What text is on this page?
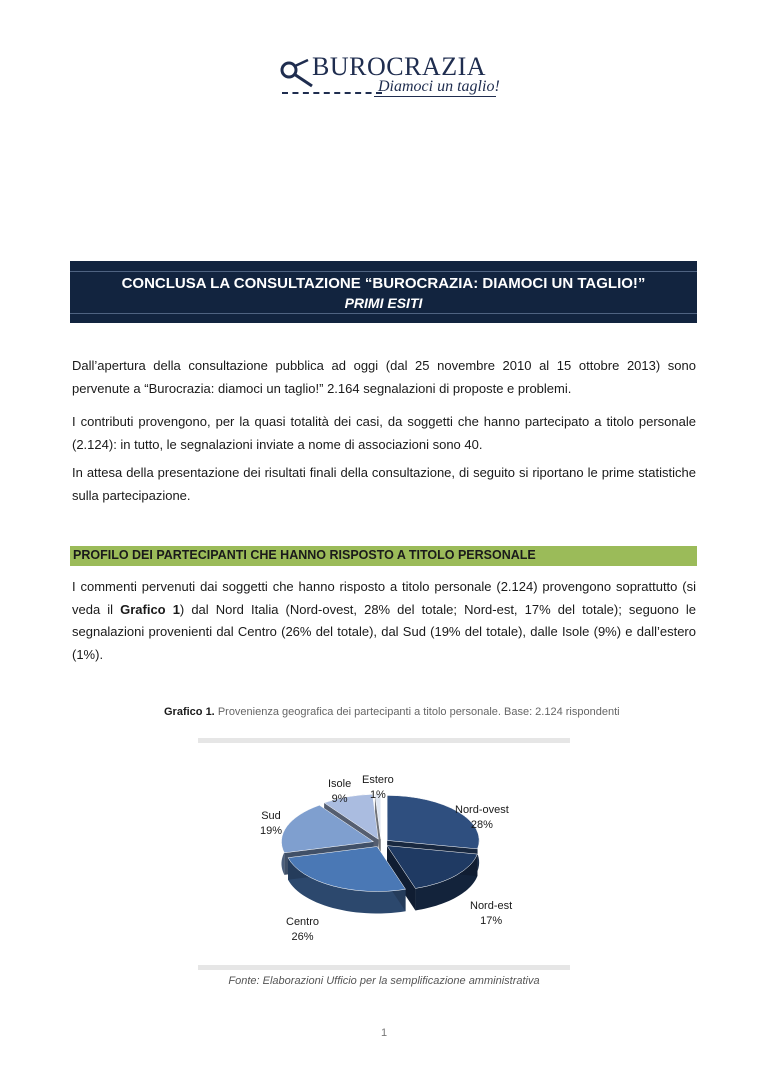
BUROCRAZIA
Diamoci un taglio!
CONCLUSA LA CONSULTAZIONE “BUROCRAZIA: DIAMOCI UN TAGLIO!”
PRIMI ESITI
Dall’apertura della consultazione pubblica ad oggi (dal 25 novembre 2010 al 15 ottobre 2013) sono pervenute a “Burocrazia: diamoci un taglio!” 2.164 segnalazioni di proposte e problemi.
I contributi provengono, per la quasi totalità dei casi, da soggetti che hanno partecipato a titolo personale (2.124): in tutto, le segnalazioni inviate a nome di associazioni sono 40.
In attesa della presentazione dei risultati finali della consultazione, di seguito si riportano le prime statistiche sulla partecipazione.
PROFILO DEI PARTECIPANTI CHE HANNO RISPOSTO A TITOLO PERSONALE
I commenti pervenuti dai soggetti che hanno risposto a titolo personale (2.124) provengono soprattutto (si veda il Grafico 1) dal Nord Italia (Nord-ovest, 28% del totale; Nord-est, 17% del totale); seguono le segnalazioni provenienti dal Centro (26% del totale), dal Sud (19% del totale), dalle Isole (9%) e dall’estero (1%).
Grafico 1. Provenienza geografica dei partecipanti a titolo personale. Base: 2.124 rispondenti
Nord-ovest
28%
Nord-est
17%
Centro
26%
Sud
19%
Isole
9%
Estero
1%
Fonte: Elaborazioni Ufficio per la semplificazione amministrativa
1
